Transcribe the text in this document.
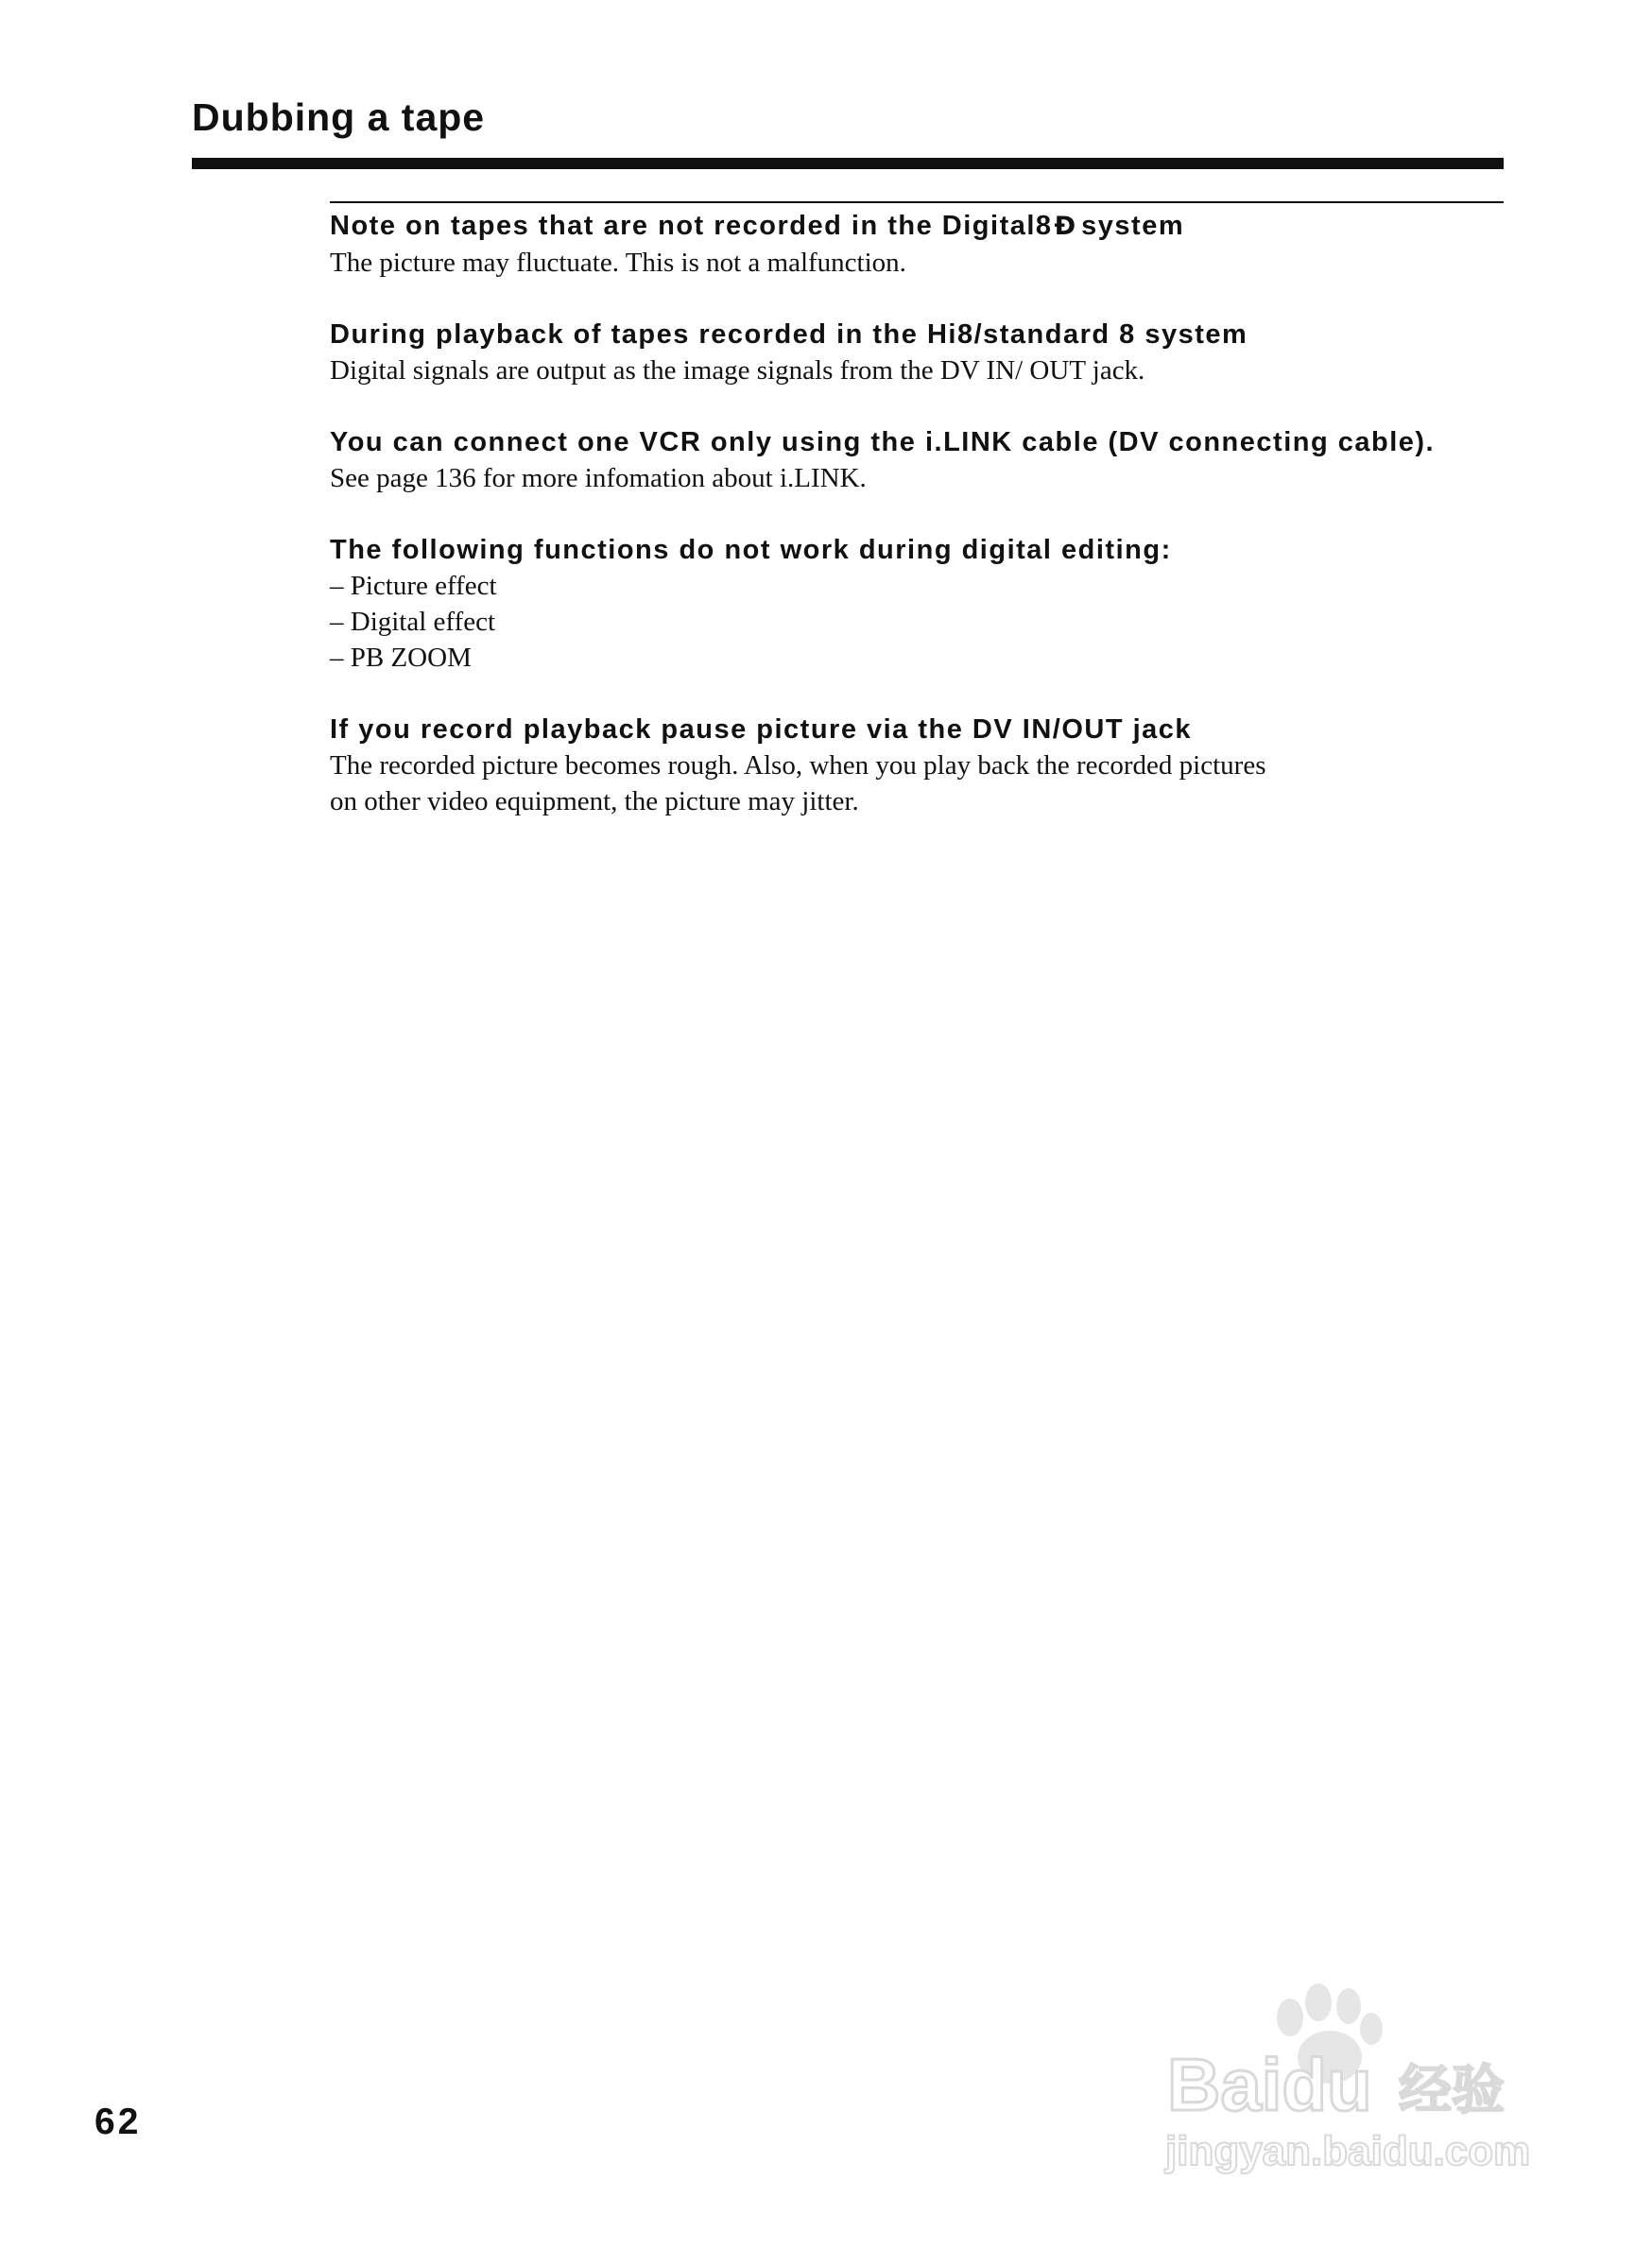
Dubbing a tape

Note on tapes that are not recorded in the Digital8Ð system

The picture may fluctuate. This is not a malfunction.

During playback of tapes recorded in the Hi8/standard 8 system

Digital signals are output as the image signals from the DV IN/ OUT jack.

You can connect one VCR only using the i.LINK cable (DV connecting cable).

See page 136 for more infomation about i.LINK.

The following functions do not work during digital editing:

– Picture effect
– Digital effect
– PB ZOOM

If you record playback pause picture via the DV IN/OUT jack

The recorded picture becomes rough. Also, when you play back the recorded pictures

on other video equipment, the picture may jitter.

62	Baidu 经验
jingyan.baidu.com
